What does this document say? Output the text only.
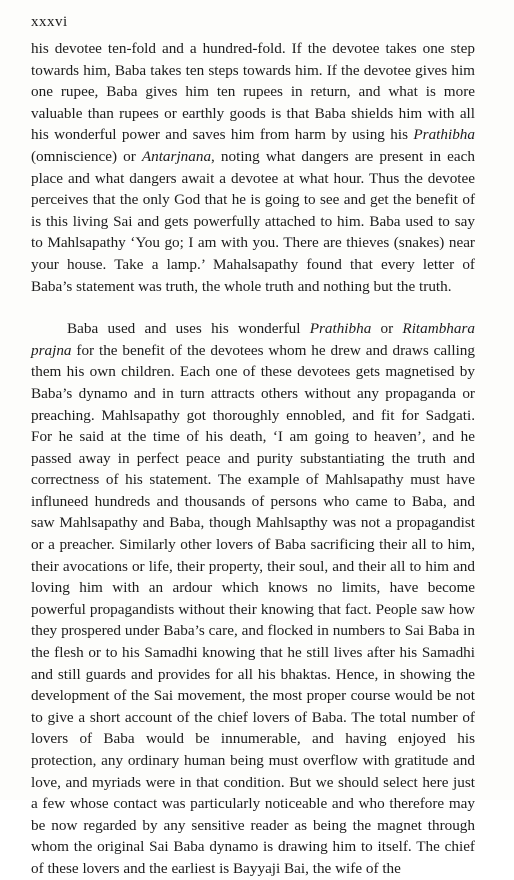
xxxvi

his devotee ten-fold and a hundred-fold. If the devotee takes one step towards him, Baba takes ten steps towards him. If the devotee gives him one rupee, Baba gives him ten rupees in return, and what is more valuable than rupees or earthly goods is that Baba shields him with all his wonderful power and saves him from harm by using his Prathibha (omniscience) or Antarjnana, noting what dangers are present in each place and what dangers await a devotee at what hour. Thus the devotee perceives that the only God that he is going to see and get the benefit of is this living Sai and gets powerfully attached to him. Baba used to say to Mahlsapathy ‘You go; I am with you. There are thieves (snakes) near your house. Take a lamp.’ Mahalsapathy found that every letter of Baba’s statement was truth, the whole truth and nothing but the truth.

Baba used and uses his wonderful Prathibha or Ritambhara prajna for the benefit of the devotees whom he drew and draws calling them his own children. Each one of these devotees gets magnetised by Baba’s dynamo and in turn attracts others without any propaganda or preaching. Mahlsapathy got thoroughly ennobled, and fit for Sadgati. For he said at the time of his death, ‘I am going to heaven’, and he passed away in perfect peace and purity substantiating the truth and correctness of his statement. The example of Mahlsapathy must have influneed hundreds and thousands of persons who came to Baba, and saw Mahlsapathy and Baba, though Mahlsapthy was not a propagandist or a preacher. Similarly other lovers of Baba sacrificing their all to him, their avocations or life, their property, their soul, and their all to him and loving him with an ardour which knows no limits, have become powerful propagandists without their knowing that fact. People saw how they prospered under Baba’s care, and flocked in numbers to Sai Baba in the flesh or to his Samadhi knowing that he still lives after his Samadhi and still guards and provides for all his bhaktas. Hence, in showing the development of the Sai movement, the most proper course would be not to give a short account of the chief lovers of Baba. The total number of lovers of Baba would be innumerable, and having enjoyed his protection, any ordinary human being must overflow with gratitude and love, and myriads were in that condition. But we should select here just a few whose contact was particularly noticeable and who therefore may be now regarded by any sensitive reader as being the magnet through whom the original Sai Baba dynamo is drawing him to itself. The chief of these lovers and the earliest is Bayyaji Bai, the wife of the
